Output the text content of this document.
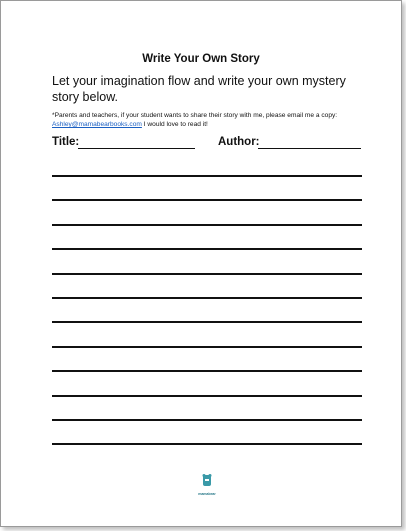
Write Your Own Story
Let your imagination flow and write your own mystery story below.
*Parents and teachers, if your student wants to share their story with me, please email me a copy: Ashley@mamabearbooks.com I would love to read it!
Title:	Author:
mamabear
